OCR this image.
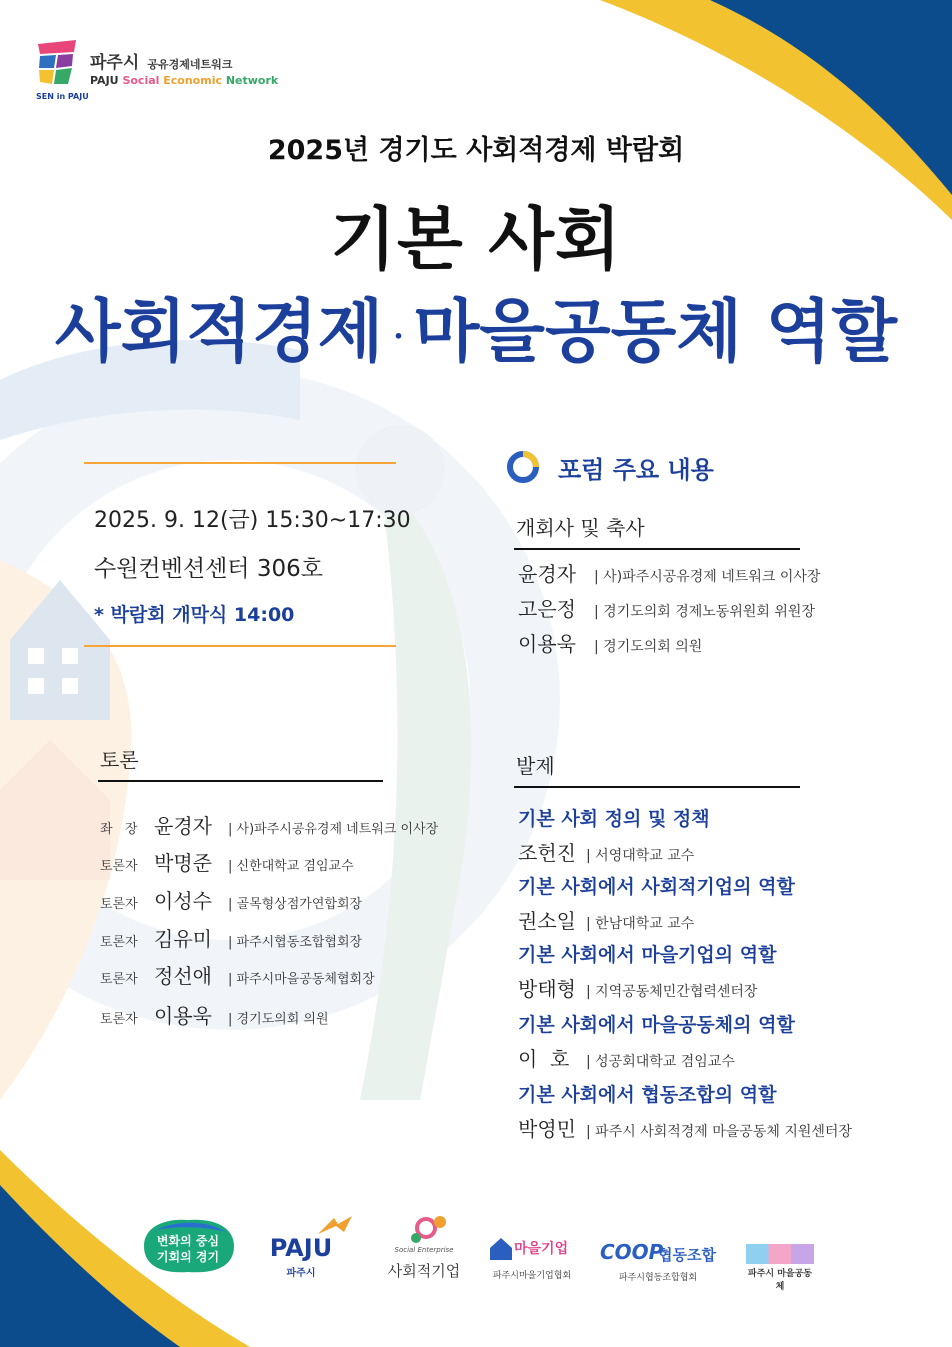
SEN in PAJU
파주시 공유경제네트워크
PAJU Social Economic Network
2025년 경기도 사회적경제 박람회
기본 사회
사회적경제 • 마을공동체 역할
2025. 9. 12(금) 15:30~17:30
수원컨벤션센터 306호
* 박람회 개막식 14:00
포럼 주요 내용
개회사 및 축사
윤경자 | 사)파주시공유경제 네트워크 이사장
고은정 | 경기도의회 경제노동위원회 위원장
이용욱 | 경기도의회 의원
토론
좌   장 윤경자 | 사)파주시공유경제 네트워크 이사장
토론자 박명준 | 신한대학교 겸임교수
토론자 이성수 | 골목형상점가연합회장
토론자 김유미 | 파주시협동조합협회장
토론자 정선애 | 파주시마을공동체협회장
토론자 이용욱 | 경기도의회 의원
발제
기본 사회 정의 및 정책
조헌진 | 서영대학교 교수
기본 사회에서 사회적기업의 역할
권소일 | 한남대학교 교수
기본 사회에서 마을기업의 역할
방태형 | 지역공동체민간협력센터장
기본 사회에서 마을공동체의 역할
이  호 | 성공회대학교 겸임교수
기본 사회에서 협동조합의 역할
박영민 | 파주시 사회적경제 마을공동체 지원센터장
변화의 중심
기회의 경기	PAJU
파주시
Social Enterprise
사회적기업
마을기업
파주시마을기업협회
COOP
협동조합
파주시협동조합협회	파주시 마을공동체
